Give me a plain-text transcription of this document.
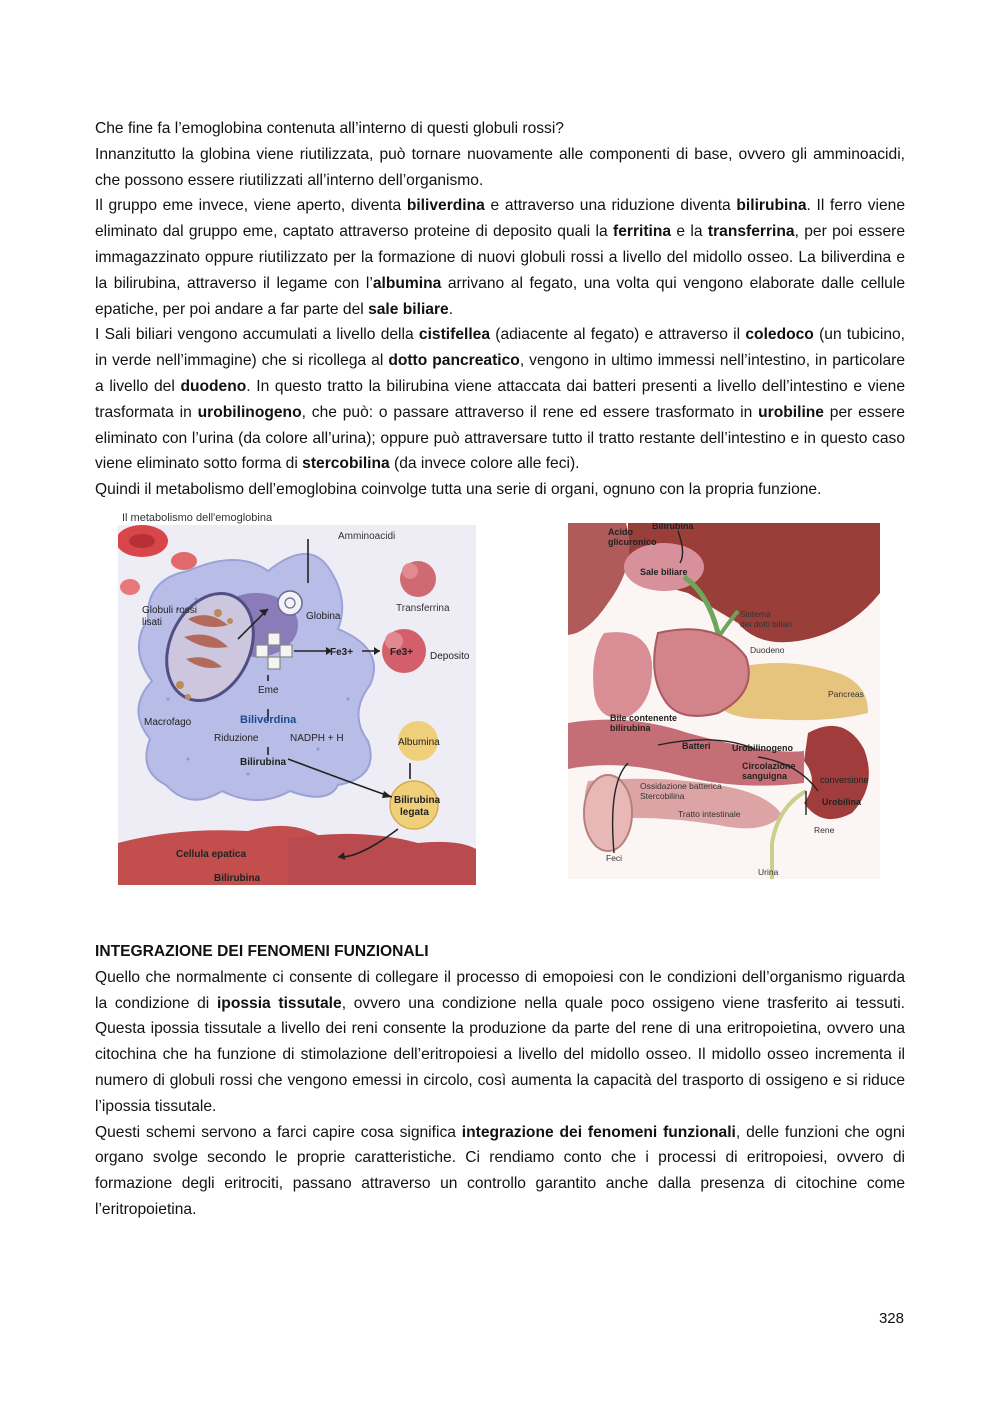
Che fine fa l’emoglobina contenuta all’interno di questi globuli rossi?

Innanzitutto la globina viene riutilizzata, può tornare nuovamente alle componenti di base, ovvero gli amminoacidi, che possono essere riutilizzati all’interno dell’organismo.

Il gruppo eme invece, viene aperto, diventa biliverdina e attraverso una riduzione diventa bilirubina. Il ferro viene eliminato dal gruppo eme, captato attraverso proteine di deposito quali la ferritina e la transferrina, per poi essere immagazzinato oppure riutilizzato per la formazione di nuovi globuli rossi a livello del midollo osseo. La biliverdina e la bilirubina, attraverso il legame con l’albumina arrivano al fegato, una volta qui vengono elaborate dalle cellule epatiche, per poi andare a far parte del sale biliare.

I Sali biliari vengono accumulati a livello della cistifellea (adiacente al fegato) e attraverso il coledoco (un tubicino, in verde nell’immagine) che si ricollega al dotto pancreatico, vengono in ultimo immessi nell’intestino, in particolare a livello del duodeno. In questo tratto la bilirubina viene attaccata dai batteri presenti a livello dell’intestino e viene trasformata in urobilinogeno, che può: o passare attraverso il rene ed essere trasformato in urobiline per essere eliminato con l’urina (da colore all’urina); oppure può attraversare tutto il tratto restante dell’intestino e in questo caso viene eliminato sotto forma di stercobilina (da invece colore alle feci).

Quindi il metabolismo dell’emoglobina coinvolge tutta una serie di organi, ognuno con la propria funzione.

Il metabolismo dell'emoglobina
Amminoacidi
Transferrina
Globuli rossi
lisati
Globina
Fe3+	Fe3+ Deposito
Eme
Macrofago	Biliverdina
Riduzione	NADPH + H
Bilirubina
Albumina
Bilirubina
legata
Cellula epatica
Bilirubina
Acido
glicuronico
Bilirubina
Sale biliare
Sistema
dei dotti biliari
Duodeno
Pancreas
Bile contenente
bilirubina
Batteri Urobilinogeno
Circolazione
sanguigna	conversione
Ossidazione batterica
Stercobilina
Urobilina
Tratto intestinale
Rene
Feci
Urina
INTEGRAZIONE DEI FENOMENI FUNZIONALI

Quello che normalmente ci consente di collegare il processo di emopoiesi con le condizioni dell’organismo riguarda la condizione di ipossia tissutale, ovvero una condizione nella quale poco ossigeno viene trasferito ai tessuti. Questa ipossia tissutale a livello dei reni consente la produzione da parte del rene di una eritropoietina, ovvero una citochina che ha funzione di stimolazione dell’eritropoiesi a livello del midollo osseo. Il midollo osseo incrementa il numero di globuli rossi che vengono emessi in circolo, così aumenta la capacità del trasporto di ossigeno e si riduce l’ipossia tissutale.

Questi schemi servono a farci capire cosa significa integrazione dei fenomeni funzionali, delle funzioni che ogni organo svolge secondo le proprie caratteristiche. Ci rendiamo conto che i processi di eritropoiesi, ovvero di formazione degli eritrociti, passano attraverso un controllo garantito anche dalla presenza di citochine come l’eritropoietina.

328
